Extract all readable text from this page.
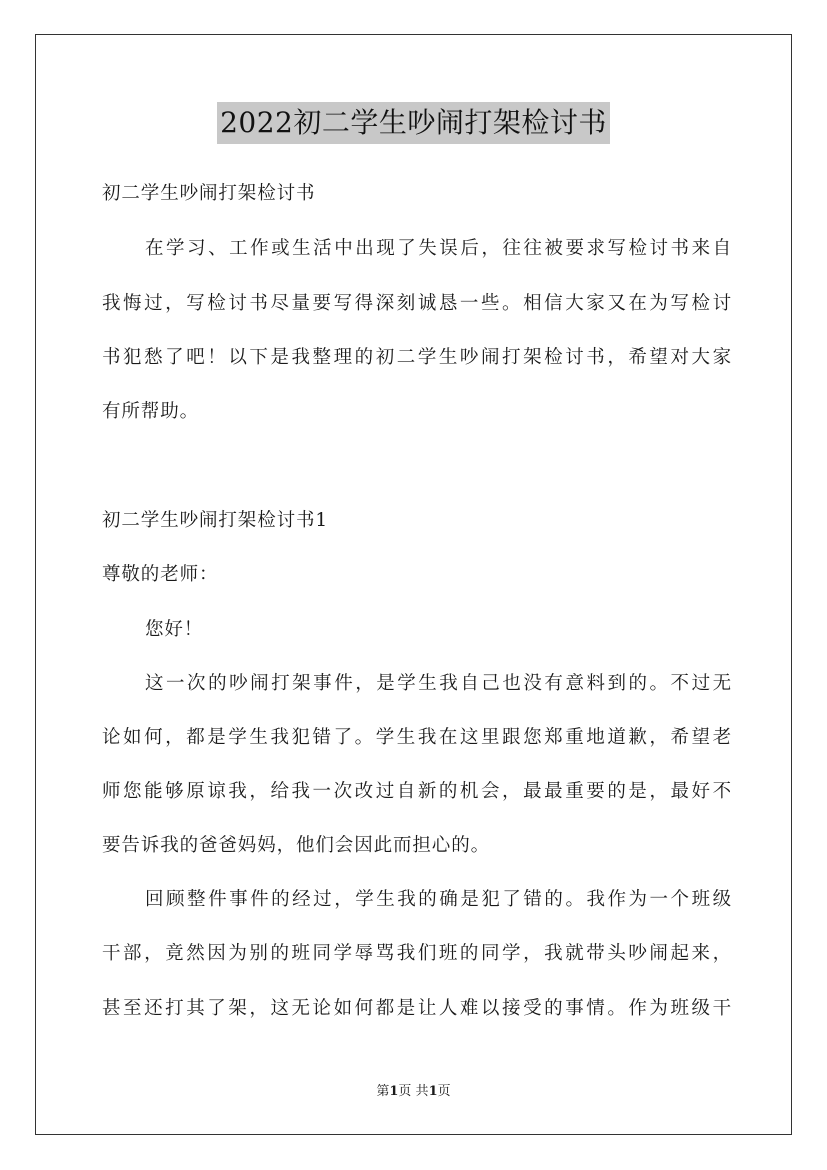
2022初二学生吵闹打架检讨书
初二学生吵闹打架检讨书
在学习、工作或生活中出现了失误后，往往被要求写检讨书来自
我悔过，写检讨书尽量要写得深刻诚恳一些。相信大家又在为写检讨
书犯愁了吧！以下是我整理的初二学生吵闹打架检讨书，希望对大家
有所帮助。
初二学生吵闹打架检讨书1
尊敬的老师：
您好！
这一次的吵闹打架事件，是学生我自己也没有意料到的。不过无
论如何，都是学生我犯错了。学生我在这里跟您郑重地道歉，希望老
师您能够原谅我，给我一次改过自新的机会，最最重要的是，最好不
要告诉我的爸爸妈妈，他们会因此而担心的。
回顾整件事件的经过，学生我的确是犯了错的。我作为一个班级
干部，竟然因为别的班同学辱骂我们班的同学，我就带头吵闹起来，
甚至还打其了架，这无论如何都是让人难以接受的事情。作为班级干
第1页 共1页
